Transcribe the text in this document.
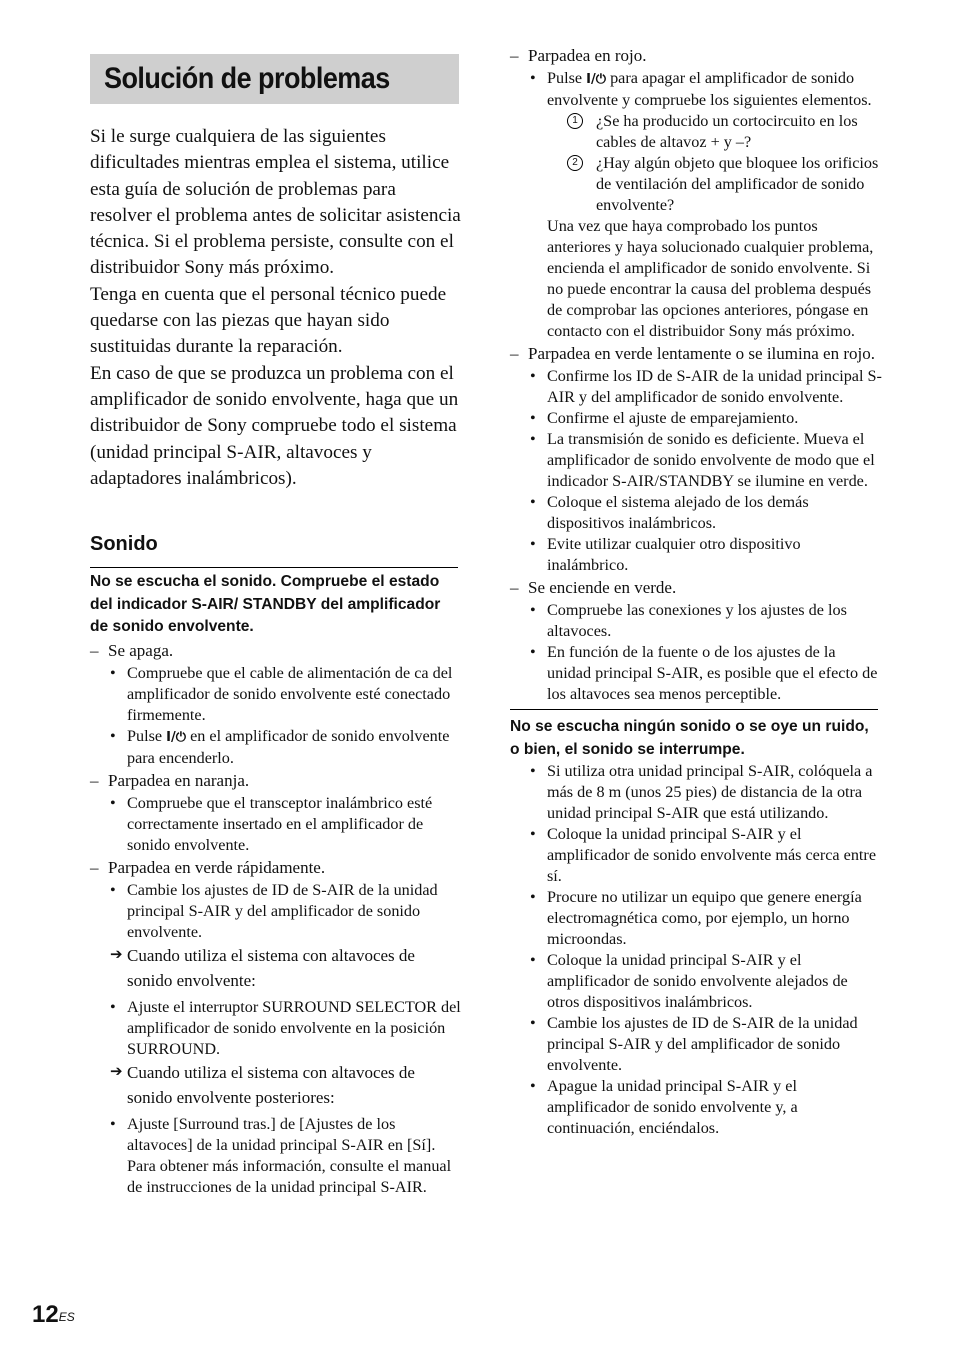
Solución de problemas

Si le surge cualquiera de las siguientes dificultades mientras emplea el sistema, utilice esta guía de solución de problemas para resolver el problema antes de solicitar asistencia técnica. Si el problema persiste, consulte con el distribuidor Sony más próximo.

Tenga en cuenta que el personal técnico puede quedarse con las piezas que hayan sido sustituidas durante la reparación.

En caso de que se produzca un problema con el amplificador de sonido envolvente, haga que un distribuidor de Sony compruebe todo el sistema (unidad principal S-AIR, altavoces y adaptadores inalámbricos).

Sonido

No se escucha el sonido. Compruebe el estado del indicador S-AIR/ STANDBY del amplificador de sonido envolvente.

– Se apaga.

• Compruebe que el cable de alimentación de ca del amplificador de sonido envolvente esté conectado firmemente.
• Pulse I/⏻ en el amplificador de sonido envolvente para encenderlo.

– Parpadea en naranja.

• Compruebe que el transceptor inalámbrico esté correctamente insertado en el amplificador de sonido envolvente.

– Parpadea en verde rápidamente.

• Cambie los ajustes de ID de S-AIR de la unidad principal S-AIR y del amplificador de sonido envolvente.

➔ Cuando utiliza el sistema con altavoces de sonido envolvente:

• Ajuste el interruptor SURROUND SELECTOR del amplificador de sonido envolvente en la posición SURROUND.

➔ Cuando utiliza el sistema con altavoces de sonido envolvente posteriores:

• Ajuste [Surround tras.] de [Ajustes de los altavoces] de la unidad principal S-AIR en [Sí]. Para obtener más información, consulte el manual de instrucciones de la unidad principal S-AIR.

– Parpadea en rojo.

• Pulse I/⏻ para apagar el amplificador de sonido envolvente y compruebe los siguientes elementos.
1	¿Se ha producido un cortocircuito en los cables de altavoz + y –?
2	¿Hay algún objeto que bloquee los orificios de ventilación del amplificador de sonido envolvente?

Una vez que haya comprobado los puntos anteriores y haya solucionado cualquier problema, encienda el amplificador de sonido envolvente. Si no puede encontrar la causa del problema después de comprobar las opciones anteriores, póngase en contacto con el distribuidor Sony más próximo.

– Parpadea en verde lentamente o se ilumina en rojo.

• Confirme los ID de S-AIR de la unidad principal S-AIR y del amplificador de sonido envolvente.
• Confirme el ajuste de emparejamiento.
• La transmisión de sonido es deficiente. Mueva el amplificador de sonido envolvente de modo que el indicador S-AIR/STANDBY se ilumine en verde.
• Coloque el sistema alejado de los demás dispositivos inalámbricos.
• Evite utilizar cualquier otro dispositivo inalámbrico.

– Se enciende en verde.

• Compruebe las conexiones y los ajustes de los altavoces.
• En función de la fuente o de los ajustes de la unidad principal S-AIR, es posible que el efecto de los altavoces sea menos perceptible.

No se escucha ningún sonido o se oye un ruido, o bien, el sonido se interrumpe.

• Si utiliza otra unidad principal S-AIR, colóquela a más de 8 m (unos 25 pies) de distancia de la otra unidad principal S-AIR que está utilizando.
• Coloque la unidad principal S-AIR y el amplificador de sonido envolvente más cerca entre sí.
• Procure no utilizar un equipo que genere energía electromagnética como, por ejemplo, un horno microondas.
• Coloque la unidad principal S-AIR y el amplificador de sonido envolvente alejados de otros dispositivos inalámbricos.
• Cambie los ajustes de ID de S-AIR de la unidad principal S-AIR y del amplificador de sonido envolvente.
• Apague la unidad principal S-AIR y el amplificador de sonido envolvente y, a continuación, enciéndalos.
$12^{ES}$
